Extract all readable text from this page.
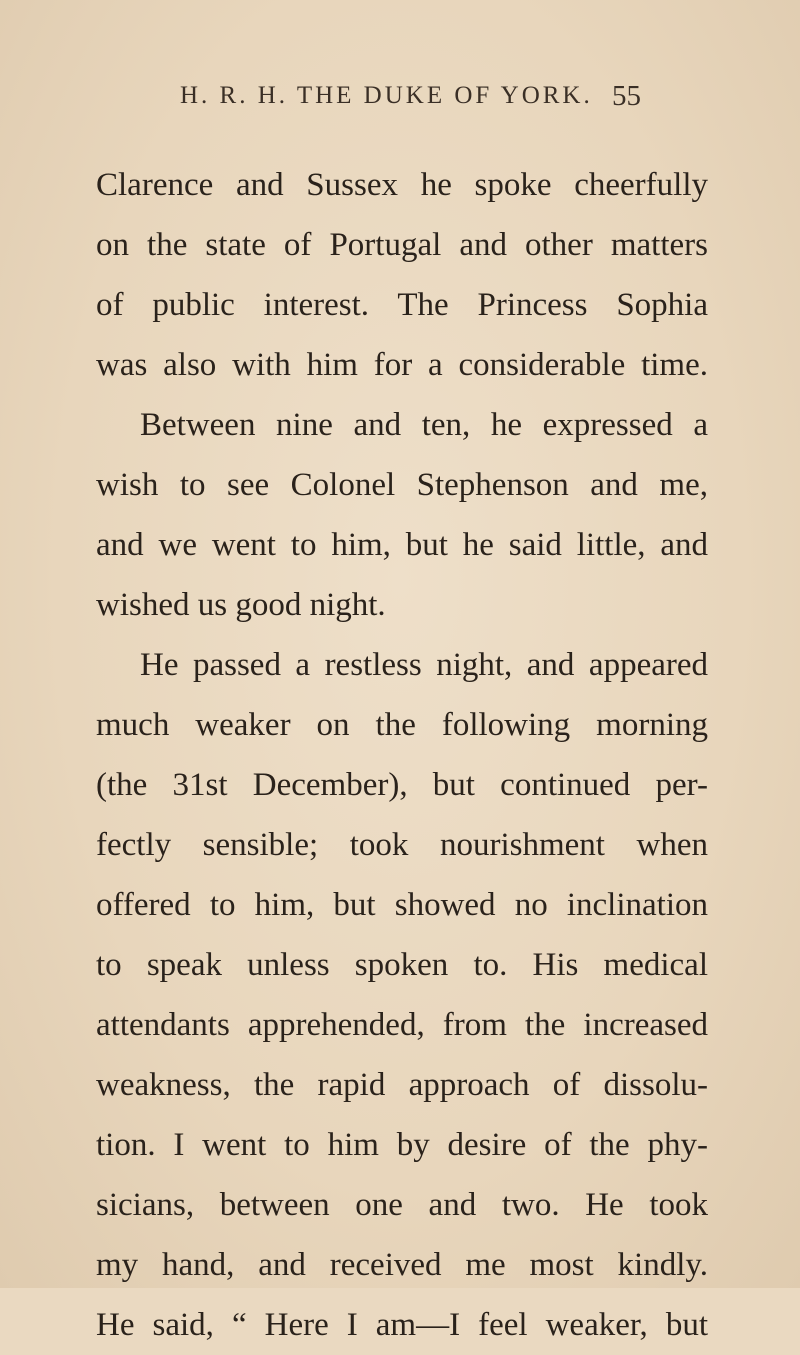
H. R. H. THE DUKE OF YORK. 55
Clarence and Sussex he spoke cheerfully
on the state of Portugal and other matters
of public interest. The Princess Sophia
was also with him for a considerable time.
Between nine and ten, he expressed a
wish to see Colonel Stephenson and me,
and we went to him, but he said little, and
wished us good night.
He passed a restless night, and appeared
much weaker on the following morning
(the 31st December), but continued per-
fectly sensible; took nourishment when
offered to him, but showed no inclination
to speak unless spoken to. His medical
attendants apprehended, from the increased
weakness, the rapid approach of dissolu-
tion. I went to him by desire of the phy-
sicians, between one and two. He took
my hand, and received me most kindly.
He said, “ Here I am—I feel weaker, but
